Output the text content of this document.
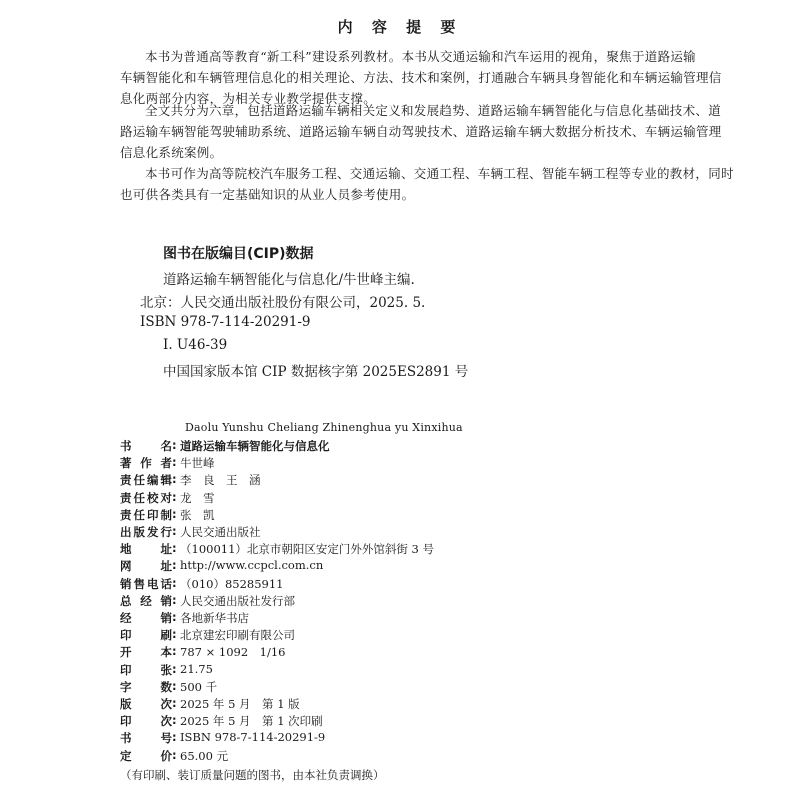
内 容 提 要
本书为普通高等教育“新工科”建设系列教材。本书从交通运输和汽车运用的视角，聚焦于道路运输
车辆智能化和车辆管理信息化的相关理论、方法、技术和案例，打通融合车辆具身智能化和车辆运输管理信
息化两部分内容，为相关专业教学提供支撑。
全文共分为六章，包括道路运输车辆相关定义和发展趋势、道路运输车辆智能化与信息化基础技术、道
路运输车辆智能驾驶辅助系统、道路运输车辆自动驾驶技术、道路运输车辆大数据分析技术、车辆运输管理
信息化系统案例。
本书可作为高等院校汽车服务工程、交通运输、交通工程、车辆工程、智能车辆工程等专业的教材，同时
也可供各类具有一定基础知识的从业人员参考使用。
图书在版编目(CIP)数据
道路运输车辆智能化与信息化/牛世峰主编.
北京：人民交通出版社股份有限公司，2025. 5.
ISBN 978-7-114-20291-9
Ⅰ. U46-39
中国国家版本馆 CIP 数据核字第 2025ES2891 号
Daolu Yunshu Cheliang Zhinenghua yu Xinxihua
书　　名 : 道路运输车辆智能化与信息化
著 作 者 : 牛世峰
责任编辑 : 李　良　王　涵
责任校对 : 龙　雪
责任印制 : 张　凯
出版发行 : 人民交通出版社
地　　址 : （100011）北京市朝阳区安定门外外馆斜街 3 号
网　　址 : http://www.ccpcl.com.cn
销售电话 : （010）85285911
总 经 销 : 人民交通出版社发行部
经　　销 : 各地新华书店
印　　刷 : 北京建宏印刷有限公司
开　　本 : 787 × 1092　1/16
印　　张 : 21.75
字　　数 : 500 千
版　　次 : 2025 年 5 月　第 1 版
印　　次 : 2025 年 5 月　第 1 次印刷
书　　号 : ISBN 978-7-114-20291-9
定　　价 : 65.00 元
（有印刷、装订质量问题的图书，由本社负责调换）
